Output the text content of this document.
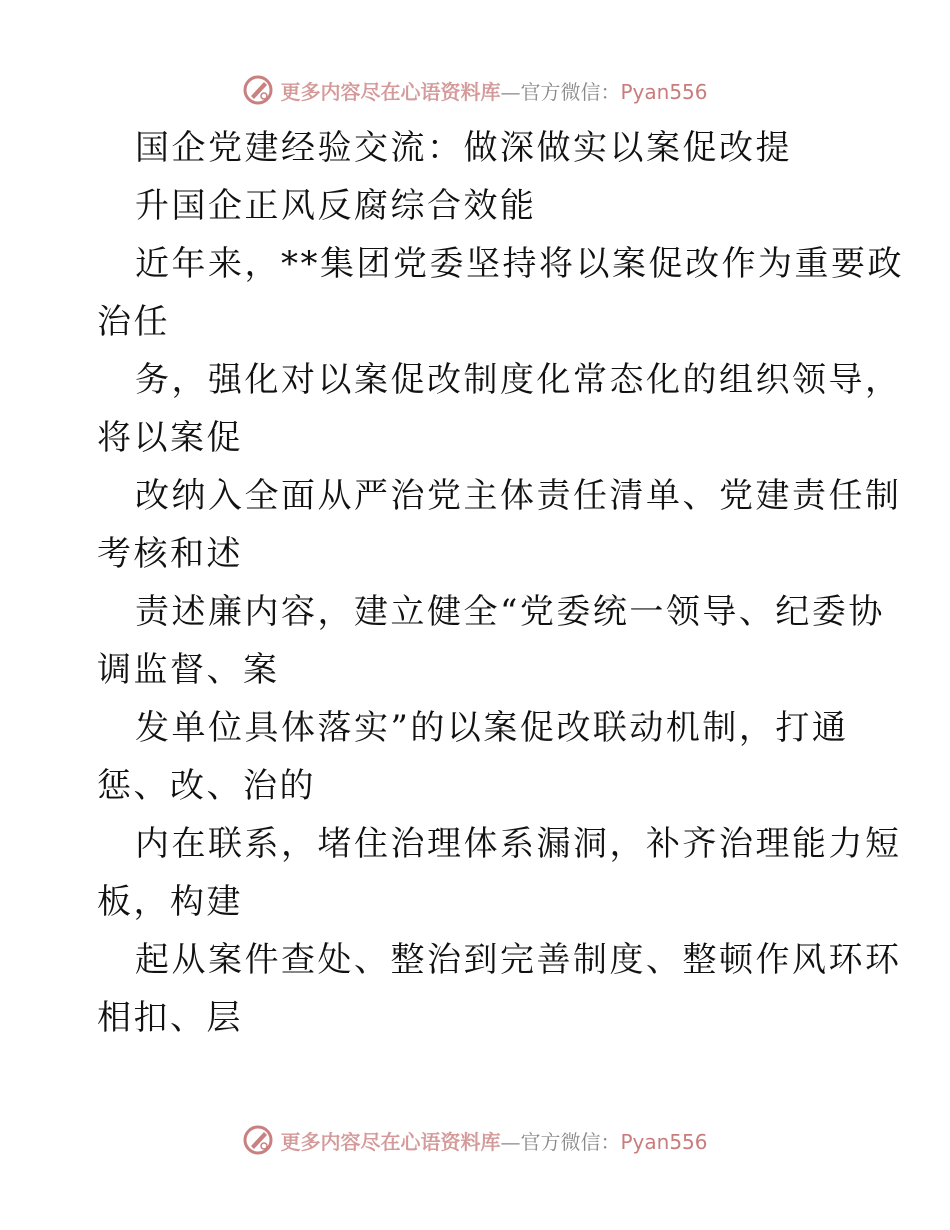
更多内容尽在心语资料库—官方微信：Pyan556
国企党建经验交流：做深做实以案促改提
升国企正风反腐综合效能
近年来，**集团党委坚持将以案促改作为重要政
治任
务，强化对以案促改制度化常态化的组织领导，
将以案促
改纳入全面从严治党主体责任清单、党建责任制
考核和述
责述廉内容，建立健全“党委统一领导、纪委协
调监督、案
发单位具体落实”的以案促改联动机制，打通
惩、改、治的
内在联系，堵住治理体系漏洞，补齐治理能力短
板，构建
起从案件查处、整治到完善制度、整顿作风环环
相扣、层
更多内容尽在心语资料库—官方微信：Pyan556
